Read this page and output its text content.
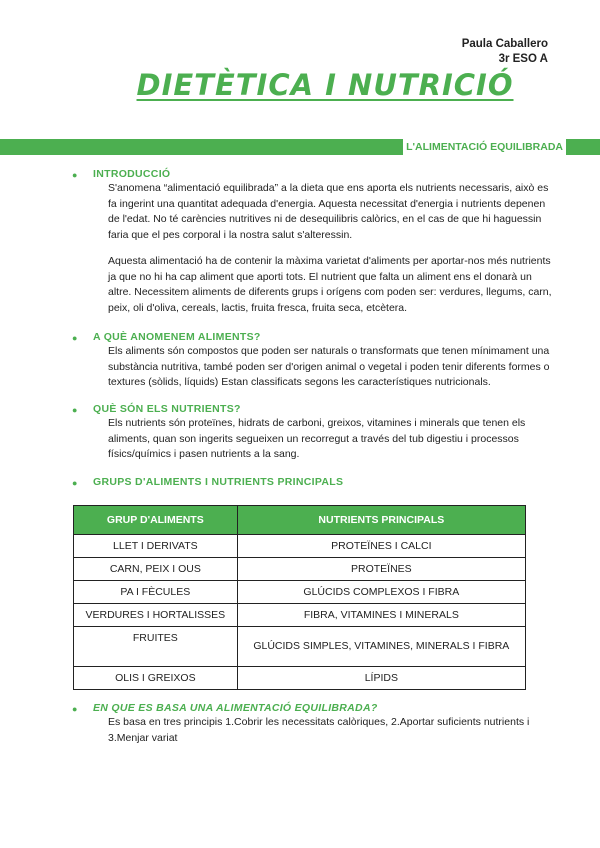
Paula Caballero
3r ESO A
DIETÈTICA I NUTRICIÓ
L'ALIMENTACIÓ EQUILIBRADA
● INTRODUCCIÓ
S'anomena “alimentació equilibrada” a la dieta que ens aporta els nutrients necessaris, això es fa ingerint una quantitat adequada d'energia. Aquesta necessitat d'energia i nutrients depenen de l'edat. No té carències nutritives ni de desequilibris calòrics, en el cas de que hi haguessin faria que el pes corporal i la nostra salut s'alteressin.
Aquesta alimentació ha de contenir la màxima varietat d'aliments per aportar-nos més nutrients ja que no hi ha cap aliment que aporti tots. El nutrient que falta un aliment ens el donarà un altre. Necessitem aliments de diferents grups i orígens com poden ser: verdures, llegums, carn, peix, oli d'oliva, cereals, lactis, fruita fresca, fruita seca, etcètera.
● A QUÈ ANOMENEM ALIMENTS?
Els aliments són compostos que poden ser naturals o transformats que tenen mínimament una substància nutritiva, també poden ser d'origen animal o vegetal i poden tenir diferents formes o textures (sòlids, líquids) Estan classificats segons les característiques nutricionals.
● QUÈ SÓN ELS NUTRIENTS?
Els nutrients són proteïnes, hidrats de carboni, greixos, vitamines i minerals que tenen els aliments, quan son ingerits segueixen un recorregut a través del tub digestiu i processos físics/químics i pasen nutrients a la sang.
● GRUPS D'ALIMENTS I NUTRIENTS PRINCIPALS
GRUP D'ALIMENTS	NUTRIENTS PRINCIPALS
LLET I DERIVATS	PROTEÏNES I CALCI
CARN, PEIX I OUS	PROTEÏNES
PA I FÈCULES	GLÚCIDS COMPLEXOS I FIBRA
VERDURES I HORTALISSES	FIBRA, VITAMINES I MINERALS
FRUITES	GLÚCIDS SIMPLES, VITAMINES, MINERALS I FIBRA
OLIS I GREIXOS	LÍPIDS
● EN QUE ES BASA UNA ALIMENTACIÓ EQUILIBRADA?
Es basa en tres principis 1.Cobrir les necessitats calòriques, 2.Aportar suficients nutrients i 3.Menjar variat
